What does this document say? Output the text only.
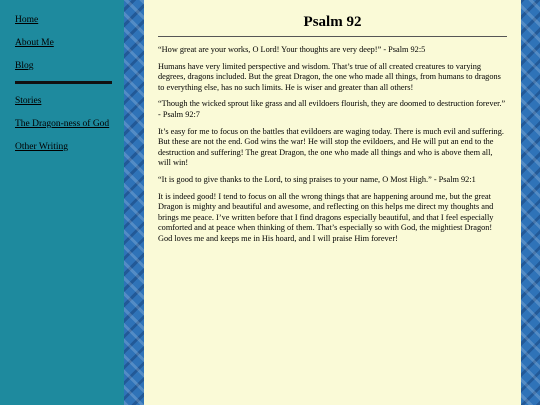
Home
About Me
Blog
Stories
The Dragon-ness of God
Other Writing
Psalm 92

“How great are your works, O Lord! Your thoughts are very deep!” - Psalm 92:5

Humans have very limited perspective and wisdom. That’s true of all created creatures to varying degrees, dragons included. But the great Dragon, the one who made all things, from humans to dragons to everything else, has no such limits. He is wiser and greater than all others!

“Though the wicked sprout like grass and all evildoers flourish, they are doomed to destruction forever.” - Psalm 92:7

It’s easy for me to focus on the battles that evildoers are waging today. There is much evil and suffering. But these are not the end. God wins the war! He will stop the evildoers, and He will put an end to the destruction and suffering! The great Dragon, the one who made all things and who is above them all, will win!

“It is good to give thanks to the Lord, to sing praises to your name, O Most High.” - Psalm 92:1

It is indeed good! I tend to focus on all the wrong things that are happening around me, but the great Dragon is mighty and beautiful and awesome, and reflecting on this helps me direct my thoughts and brings me peace. I’ve written before that I find dragons especially beautiful, and that I feel especially comforted and at peace when thinking of them. That’s especially so with God, the mightiest Dragon! God loves me and keeps me in His hoard, and I will praise Him forever!
